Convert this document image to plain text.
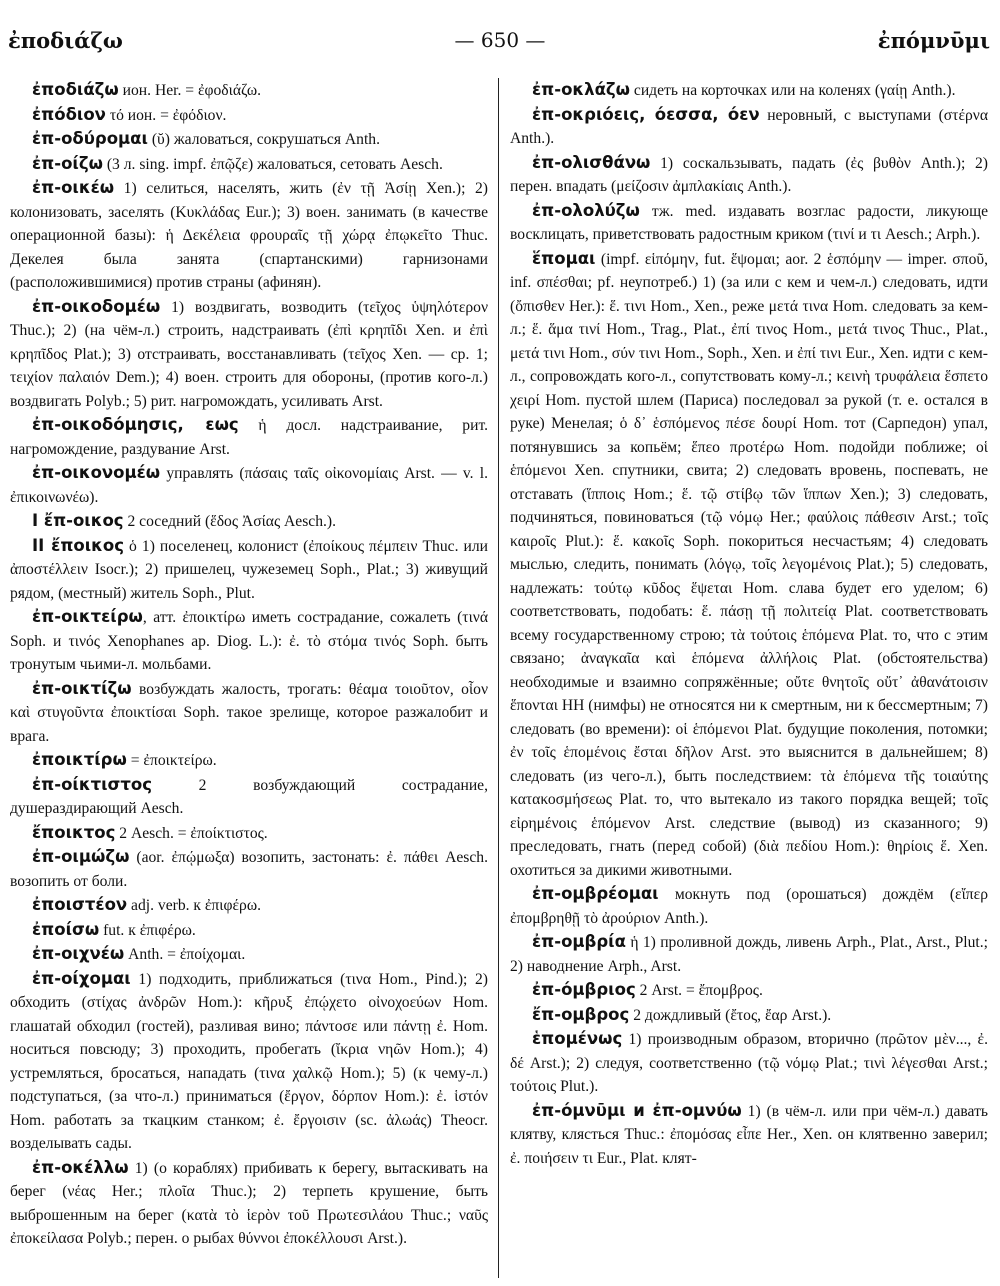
ἐποδιάζω	— 650 —	ἐπόμνῡμι

ἐποδιάζω ион. Her. = ἐφοδιάζω.

ἐπόδιον τό ион. = ἐφόδιον.

ἐπ-οδύρομαι (ῠ) жаловаться, сокрушаться Anth.

ἐπ-οίζω (3 л. sing. impf. ἐπῷζε) жаловаться, сетовать Aesch.

ἐπ-οικέω 1) селиться, населять, жить (ἐν τῇ Ἀσίῃ Xen.); 2) колонизовать, заселять (Κυκλάδας Eur.); 3) воен. занимать (в качестве операционной базы): ἡ Δεκέλεια φρουραῖς τῇ χώρᾳ ἐπῳκεῖτο Thuc. Декелея была занята (спартанскими) гарнизонами (расположившимися) против страны (афинян).

ἐπ-οικοδομέω 1) воздвигать, возводить (τεῖχος ὑψηλότερον Thuc.); 2) (на чём-л.) строить, надстраивать (ἐπὶ κρηπῖδι Xen. и ἐπὶ κρηπῖδος Plat.); 3) отстраивать, восстанавливать (τεῖχος Xen. — ср. 1; τειχίον παλαιόν Dem.); 4) воен. строить для обороны, (против кого-л.) воздвигать Polyb.; 5) рит. нагромождать, усиливать Arst.

ἐπ-οικοδόμησις, εως ἡ досл. надстраивание, рит. нагромождение, раздувание Arst.

ἐπ-οικονομέω управлять (πάσαις ταῖς οἰκονομίαις Arst. — v. l. ἐπικοινωνέω).

I ἔπ-οικος 2 соседний (ἕδος Ἀσίας Aesch.).

II ἔποικος ὁ 1) поселенец, колонист (ἐποίκους πέμπειν Thuc. или ἀποστέλλειν Isocr.); 2) пришелец, чужеземец Soph., Plat.; 3) живущий рядом, (местный) житель Soph., Plut.

ἐπ-οικτείρω, атт. ἐποικτίρω иметь сострадание, сожалеть (τινά Soph. и τινός Xenophanes ap. Diog. L.): ἐ. τὸ στόμα τινός Soph. быть тронутым чьими-л. мольбами.

ἐπ-οικτίζω возбуждать жалость, трогать: θέαμα τοιοῦτον, οἷον καὶ στυγοῦντα ἐποικτίσαι Soph. такое зрелище, которое разжалобит и врага.

ἐποικτίρω = ἐποικτείρω.

ἐπ-οίκτιστος 2 возбуждающий сострадание, душераздирающий Aesch.

ἔποικτος 2 Aesch. = ἐποίκτιστος.

ἐπ-οιμώζω (aor. ἐπῴμωξα) возопить, застонать: ἐ. πάθει Aesch. возопить от боли.

ἐποιστέον adj. verb. к ἐπιφέρω.

ἐποίσω fut. к ἐπιφέρω.

ἐπ-οιχνέω Anth. = ἐποίχομαι.

ἐπ-οίχομαι 1) подходить, приближаться (τινα Hom., Pind.); 2) обходить (στίχας ἀνδρῶν Hom.): κῆρυξ ἐπῴχετο οἰνοχοεύων Hom. глашатай обходил (гостей), разливая вино; πάντοσε или πάντῃ ἐ. Hom. носиться повсюду; 3) проходить, пробегать (ἴκρια νηῶν Hom.); 4) устремляться, бросаться, нападать (τινα χαλκῷ Hom.); 5) (к чему-л.) подступаться, (за что-л.) приниматься (ἔργον, δόρπον Hom.): ἐ. ἱστόν Hom. работать за ткацким станком; ἐ. ἔργοισιν (sc. ἀλωάς) Theocr. возделывать сады.

ἐπ-οκέλλω 1) (о кораблях) прибивать к берегу, вытаскивать на берег (νέας Her.; πλοῖα Thuc.); 2) терпеть крушение, быть выброшенным на берег (κατὰ τὸ ἱερὸν τοῦ Πρωτεσιλάου Thuc.; ναῦς ἐποκείλασα Polyb.; перен. о рыбах θύννοι ἐποκέλλουσι Arst.).

ἐπ-οκλάζω сидеть на корточках или на коленях (γαίῃ Anth.).

ἐπ-οκριόεις, όεσσα, όεν неровный, с выступами (στέρνα Anth.).

ἐπ-ολισθάνω 1) соскальзывать, падать (ἐς βυθὸν Anth.); 2) перен. впадать (μείζοσιν ἀμπλακίαις Anth.).

ἐπ-ολολύζω тж. med. издавать возглас радости, ликующе восклицать, приветствовать радостным криком (τινί и τι Aesch.; Arph.).

ἕπομαι (impf. εἱπόμην, fut. ἕψομαι; aor. 2 ἑσπόμην — imper. σποῦ, inf. σπέσθαι; pf. неупотреб.) 1) (за или с кем и чем-л.) следовать, идти (ὄπισθεν Her.): ἕ. τινι Hom., Xen., реже μετά τινα Hom. следовать за кем-л.; ἕ. ἅμα τινί Hom., Trag., Plat., ἐπί τινος Hom., μετά τινος Thuc., Plat., μετά τινι Hom., σύν τινι Hom., Soph., Xen. и ἐπί τινι Eur., Xen. идти с кем-л., сопровождать кого-л., сопутствовать кому-л.; κεινὴ τρυφάλεια ἕσπετο χειρί Hom. пустой шлем (Париса) последовал за рукой (т. е. остался в руке) Менелая; ὁ δ᾽ ἑσπόμενος πέσε δουρί Hom. тот (Сарпедон) упал, потянувшись за копьём; ἕπεο προτέρω Hom. подойди поближе; οἱ ἑπόμενοι Xen. спутники, свита; 2) следовать вровень, поспевать, не отставать (ἵπποις Hom.; ἕ. τῷ στίβῳ τῶν ἵππων Xen.); 3) следовать, подчиняться, повиноваться (τῷ νόμῳ Her.; φαύλοις πάθεσιν Arst.; τοῖς καιροῖς Plut.): ἕ. κακοῖς Soph. покориться несчастьям; 4) следовать мыслью, следить, понимать (λόγῳ, τοῖς λεγομένοις Plat.); 5) следовать, надлежать: τούτῳ κῦδος ἕψεται Hom. слава будет его уделом; 6) соответствовать, подобать: ἕ. πάσῃ τῇ πολιτείᾳ Plat. соответствовать всему государственному строю; τὰ τούτοις ἑπόμενα Plat. то, что с этим связано; ἀναγκαῖα καὶ ἑπόμενα ἀλλήλοις Plat. (обстоятельства) необходимые и взаимно сопряжённые; οὔτε θνητοῖς οὔτ᾽ ἀθανάτοισιν ἕπονται HH (нимфы) не относятся ни к смертным, ни к бессмертным; 7) следовать (во времени): οἱ ἑπόμενοι Plat. будущие поколения, потомки; ἐν τοῖς ἑπομένοις ἔσται δῆλον Arst. это выяснится в дальнейшем; 8) следовать (из чего-л.), быть последствием: τὰ ἑπόμενα τῆς τοιαύτης κατακοσμήσεως Plat. то, что вытекало из такого порядка вещей; τοῖς εἰρημένοις ἑπόμενον Arst. следствие (вывод) из сказанного; 9) преследовать, гнать (перед собой) (διὰ πεδίου Hom.): θηρίοις ἕ. Xen. охотиться за дикими животными.

ἐπ-ομβρέομαι мокнуть под (орошаться) дождём (εἴπερ ἐπομβρηθῇ τὸ ἀρούριον Anth.).

ἐπ-ομβρία ἡ 1) проливной дождь, ливень Arph., Plat., Arst., Plut.; 2) наводнение Arph., Arst.

ἐπ-όμβριος 2 Arst. = ἔπομβρος.

ἔπ-ομβρος 2 дождливый (ἔτος, ἔαρ Arst.).

ἑπομένως 1) производным образом, вторично (πρῶτον μὲν..., ἐ. δέ Arst.); 2) следуя, соответственно (τῷ νόμῳ Plat.; τινὶ λέγεσθαι Arst.; τούτοις Plut.).

ἐπ-όμνῡμι и ἐπ-ομνύω 1) (в чём-л. или при чём-л.) давать клятву, клясться Thuc.: ἐπομόσας εἶπε Her., Xen. он клятвенно заверил; ἐ. ποιήσειν τι Eur., Plat. клят-
